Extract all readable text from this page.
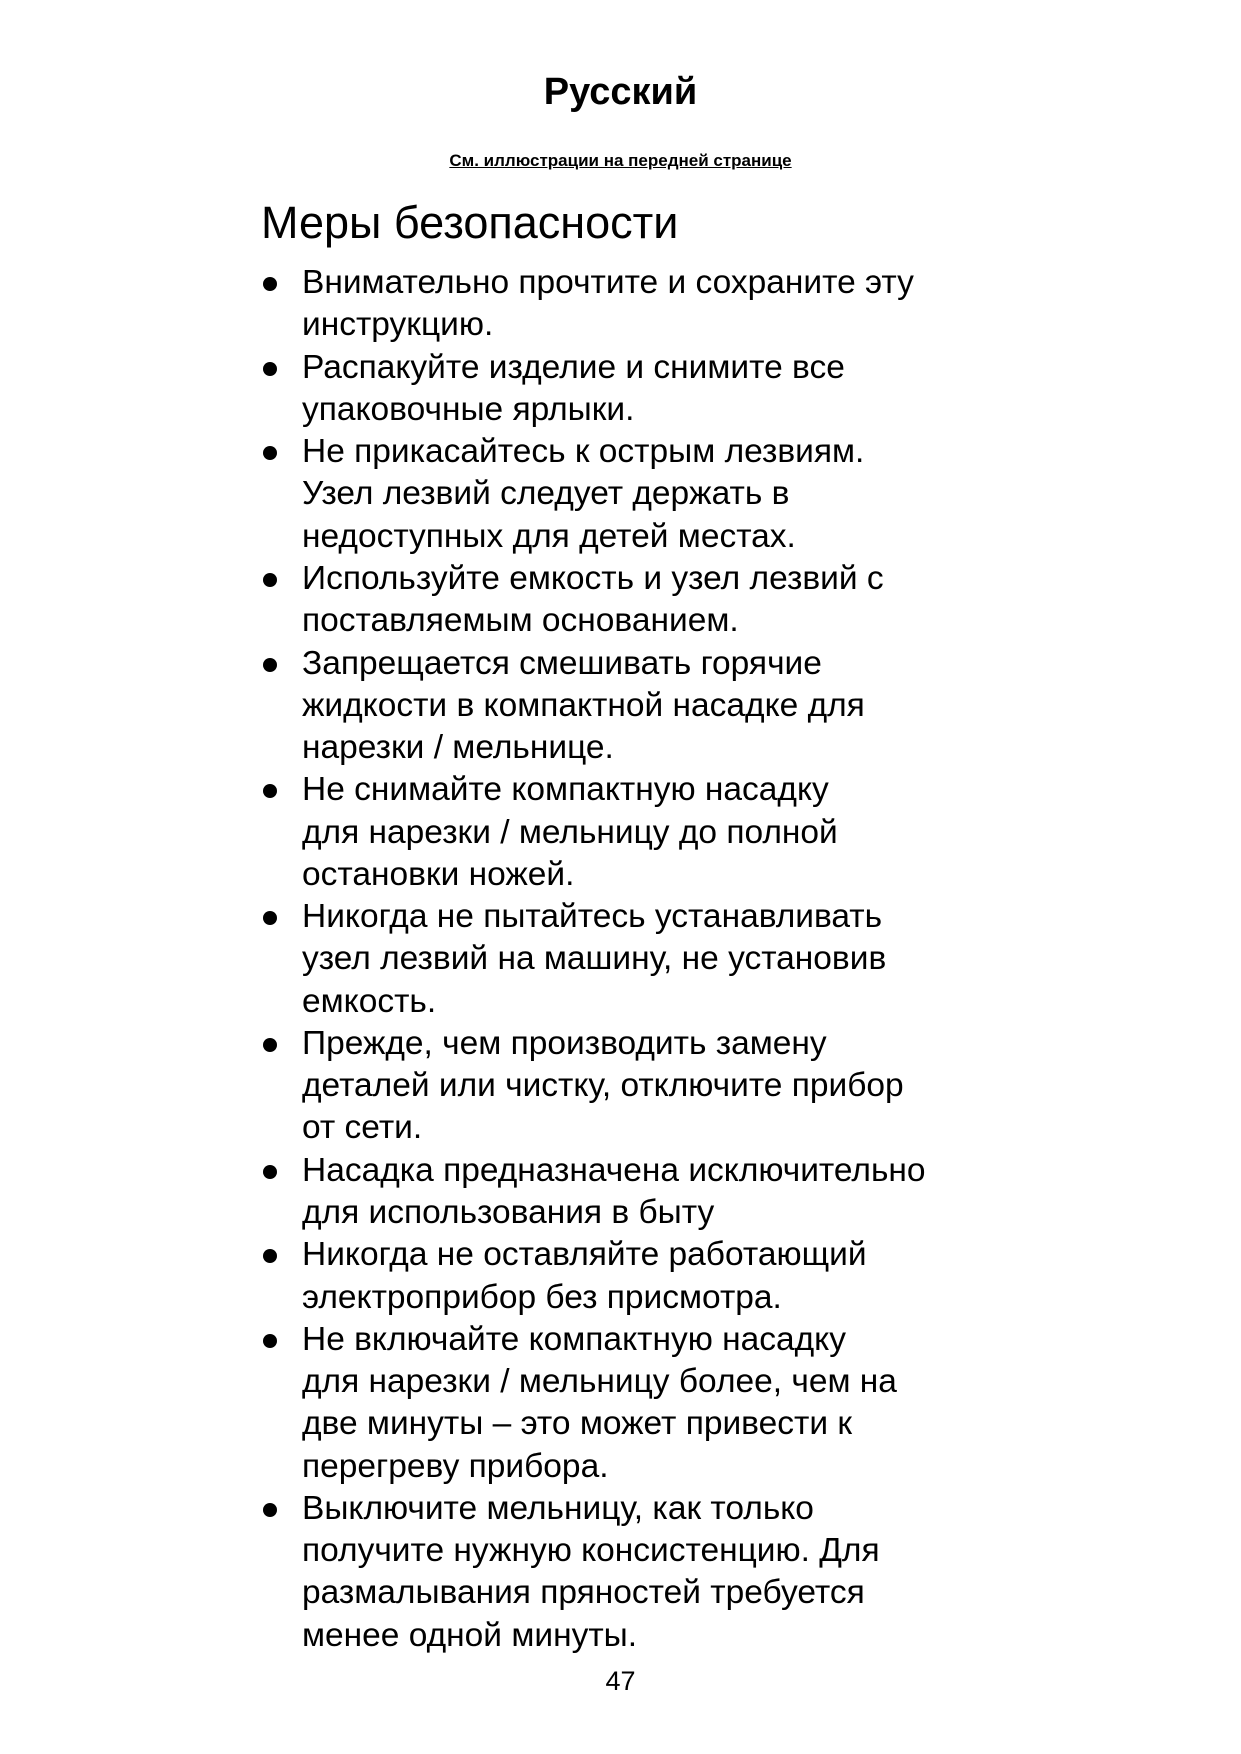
Русский
См. иллюстрации на передней странице
Меры безопасности
Внимательно прочтите и сохраните эту
инструкцию.
Распакуйте изделие и снимите все
упаковочные ярлыки.
Не прикасайтесь к острым лезвиям.
Узел лезвий следует держать в
недоступных для детей местах.
Используйте емкость и узел лезвий с
поставляемым основанием.
Запрещается смешивать горячие
жидкости в компактной насадке для
нарезки / мельнице.
Не снимайте компактную насадку
для нарезки / мельницу до полной
остановки ножей.
Никогда не пытайтесь устанавливать
узел лезвий на машину, не установив
емкость.
Прежде, чем производить замену
деталей или чистку, отключите прибор
от сети.
Насадка предназначена исключительно
для использования в быту
Никогда не оставляйте работающий
электроприбор без присмотра.
Не включайте компактную насадку
для нарезки / мельницу более, чем на
две минуты – это может привести к
перегреву прибора.
Выключите мельницу, как только
получите нужную консистенцию. Для
размалывания пряностей требуется
менее одной минуты.
47
